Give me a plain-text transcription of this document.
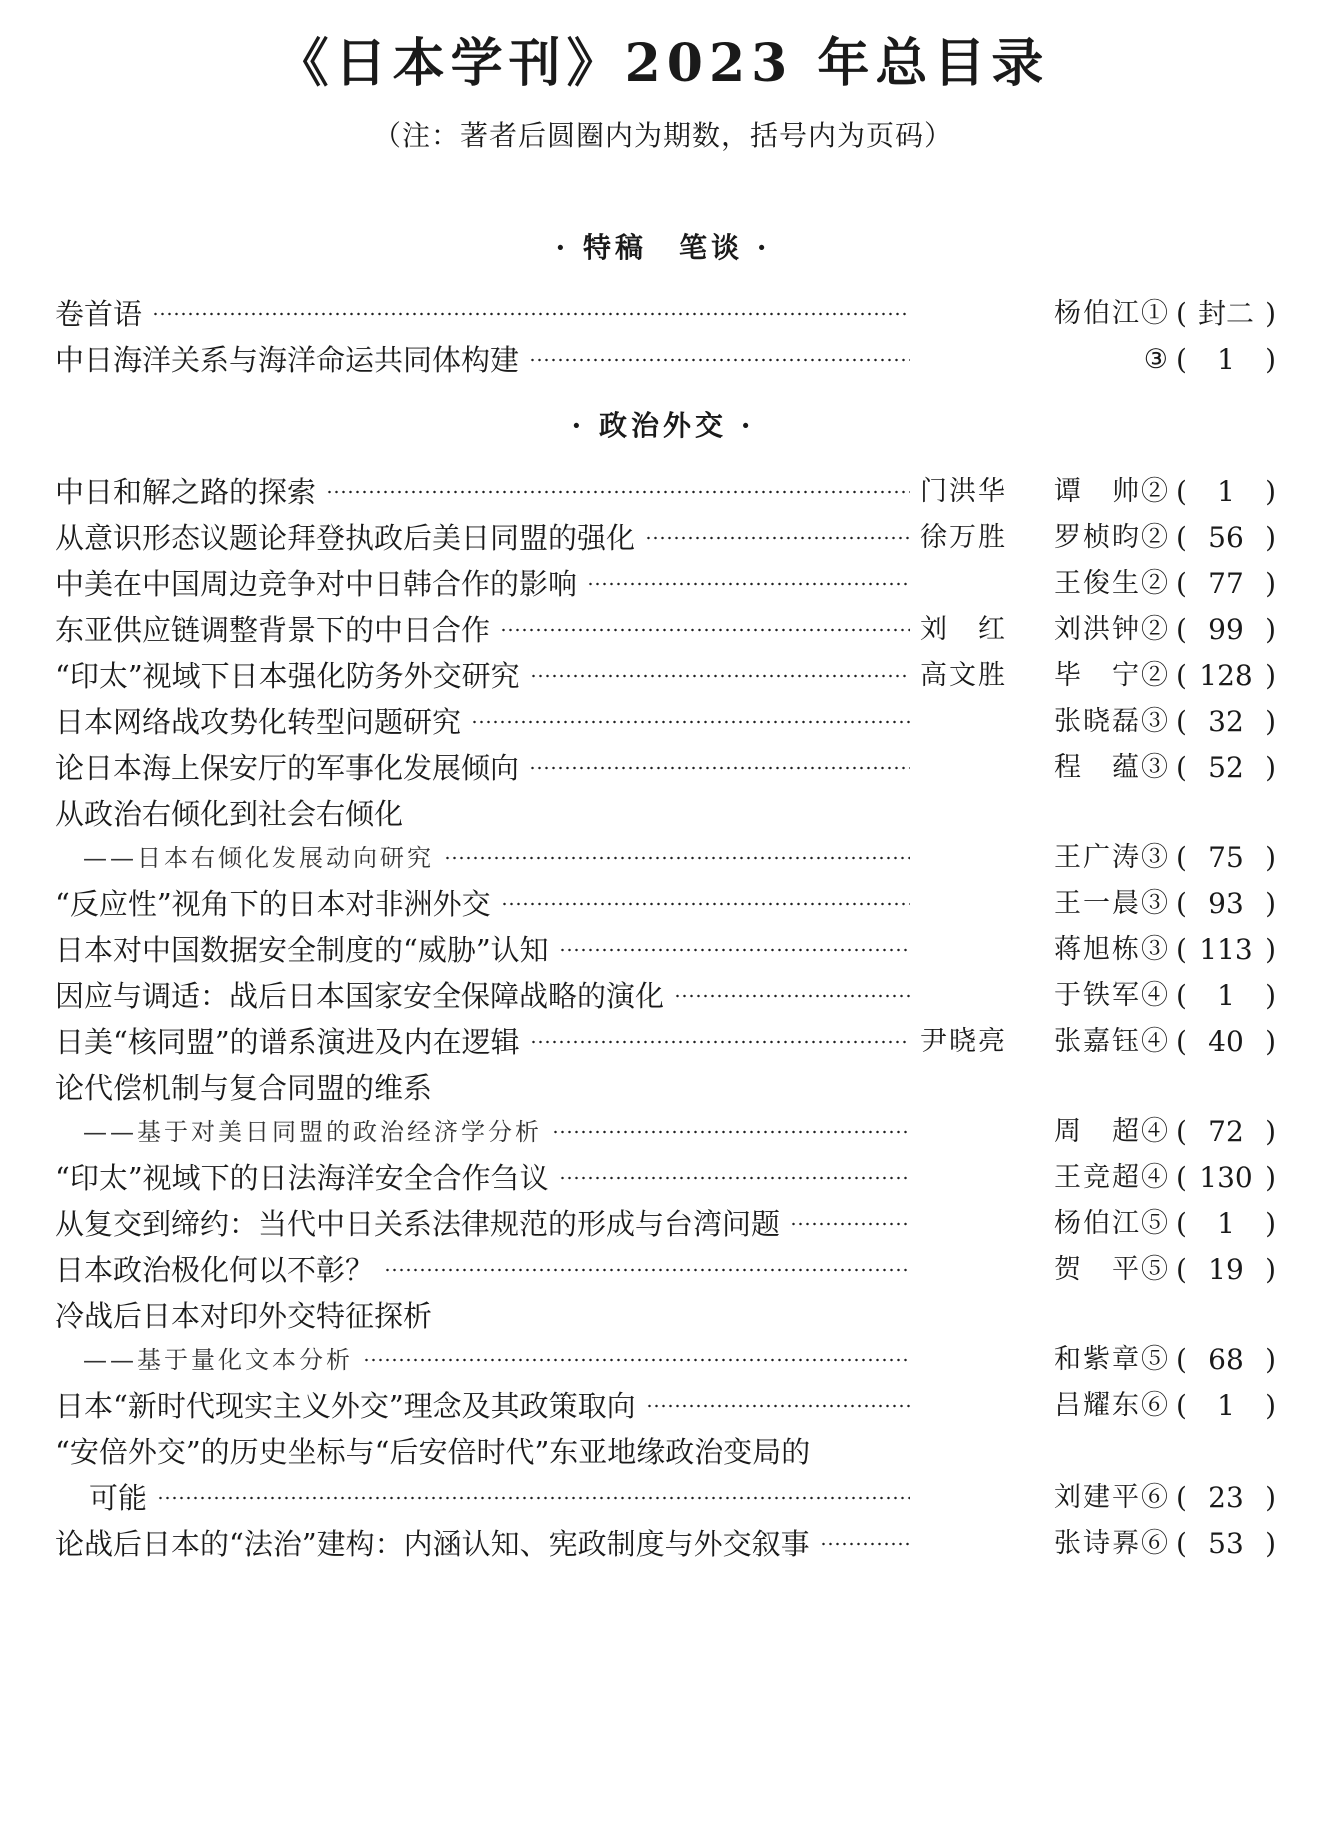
《日本学刊》2023 年总目录
（注：著者后圆圈内为期数，括号内为页码）
· 特稿　笔谈 ·
卷首语	杨伯江① ( 封二 )
中日海洋关系与海洋命运共同体构建	③ (	1	)
· 政治外交 ·
中日和解之路的探索	门洪华	谭　帅② (	1	)
从意识形态议题论拜登执政后美日同盟的强化	徐万胜	罗桢昀② ( 56 )
中美在中国周边竞争对中日韩合作的影响	王俊生② ( 77 )
东亚供应链调整背景下的中日合作	刘　红	刘洪钟② ( 99 )
“印太”视域下日本强化防务外交研究	高文胜	毕　宁② ( 128 )
日本网络战攻势化转型问题研究	张晓磊③ ( 32 )
论日本海上保安厅的军事化发展倾向	程　蕴③ ( 52 )
从政治右倾化到社会右倾化
——日本右倾化发展动向研究	王广涛③ ( 75 )
“反应性”视角下的日本对非洲外交	王一晨③ ( 93 )
日本对中国数据安全制度的“威胁”认知	蒋旭栋③ ( 113 )
因应与调适：战后日本国家安全保障战略的演化	于铁军④ (	1	)
日美“核同盟”的谱系演进及内在逻辑	尹晓亮	张嘉钰④ ( 40 )
论代偿机制与复合同盟的维系
——基于对美日同盟的政治经济学分析	周　超④ ( 72 )
“印太”视域下的日法海洋安全合作刍议	王竞超④ ( 130 )
从复交到缔约：当代中日关系法律规范的形成与台湾问题	杨伯江⑤ (	1	)
日本政治极化何以不彰？	贺　平⑤ ( 19 )
冷战后日本对印外交特征探析
——基于量化文本分析	和紫章⑤ ( 68 )
日本“新时代现实主义外交”理念及其政策取向	吕耀东⑥ (	1	)
“安倍外交”的历史坐标与“后安倍时代”东亚地缘政治变局的
可能	刘建平⑥ ( 23 )
论战后日本的“法治”建构：内涵认知、宪政制度与外交叙事	张诗奡⑥ ( 53 )
